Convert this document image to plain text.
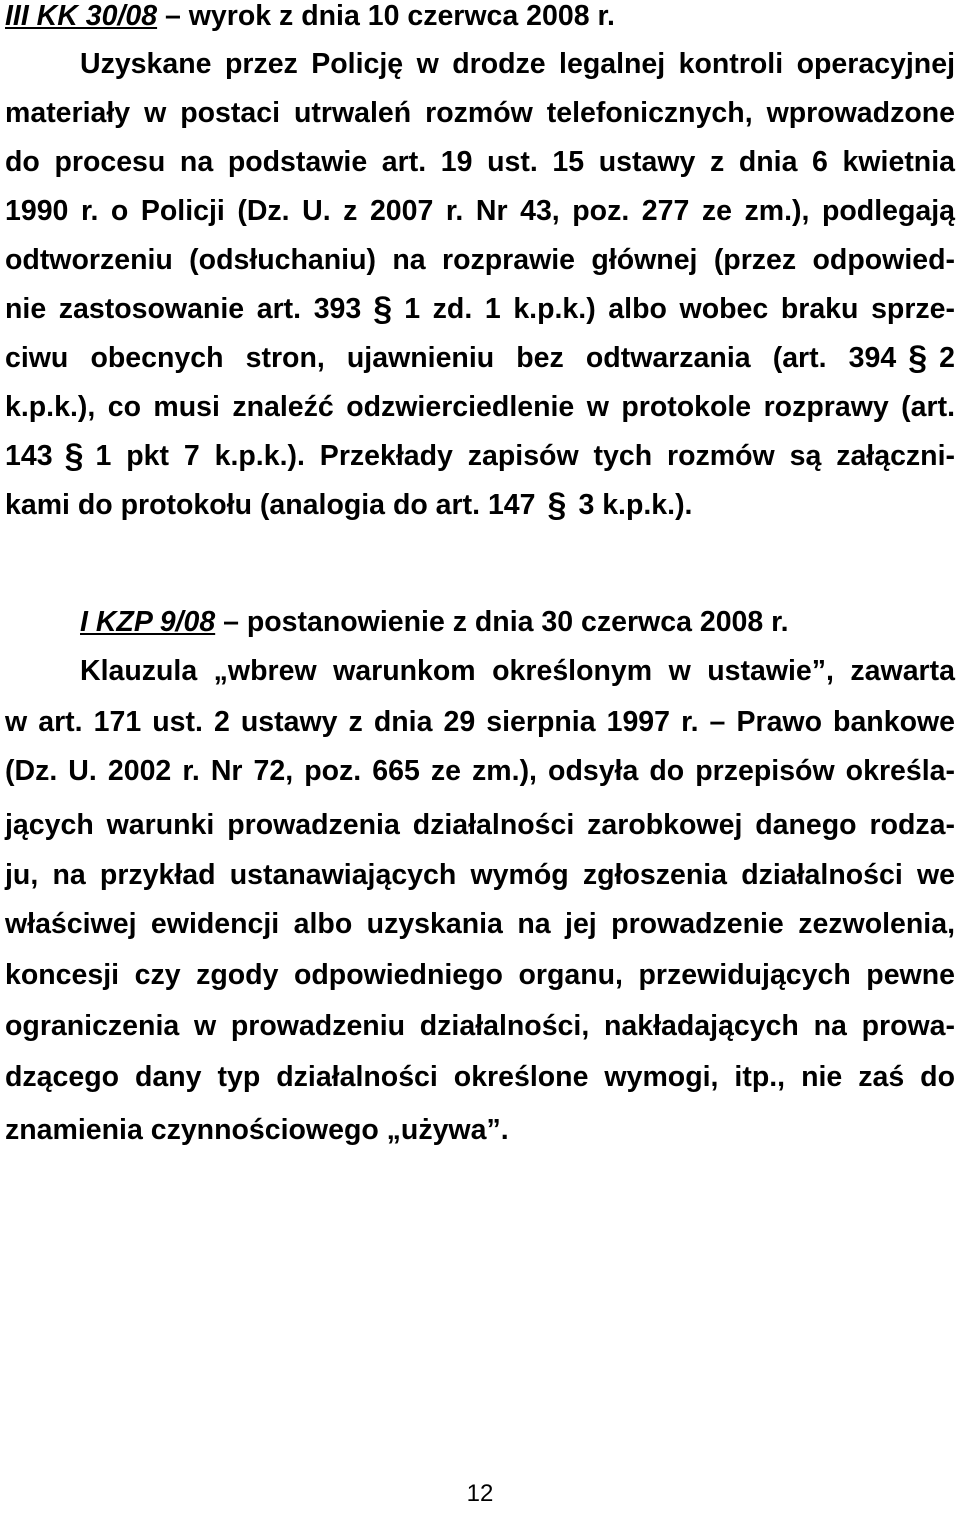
III KK 30/08 – wyrok z dnia 10 czerwca 2008 r.
Uzyskane przez Policję w drodze legalnej kontroli operacyjnej
materiały w postaci utrwaleń rozmów telefonicznych, wprowadzone
do procesu na podstawie art. 19 ust. 15 ustawy z dnia 6 kwietnia
1990 r. o Policji (Dz. U. z 2007 r. Nr 43, poz. 277 ze zm.), podlegają
odtworzeniu (odsłuchaniu) na rozprawie głównej (przez odpowied-
nie zastosowanie art. 393 § 1 zd. 1 k.p.k.) albo wobec braku sprze-
ciwu obecnych stron, ujawnieniu bez odtwarzania (art. 394 § 2
k.p.k.), co musi znaleźć odzwierciedlenie w protokole rozprawy (art.
143 § 1 pkt 7 k.p.k.). Przekłady zapisów tych rozmów są załączni-
kami do protokołu (analogia do art. 147 § 3 k.p.k.).
I KZP 9/08 – postanowienie z dnia 30 czerwca 2008 r.
Klauzula „wbrew warunkom określonym w ustawie”, zawarta
w art. 171 ust. 2 ustawy z dnia 29 sierpnia 1997 r. – Prawo bankowe
(Dz. U. 2002 r. Nr 72, poz. 665 ze zm.), odsyła do przepisów określa-
jących warunki prowadzenia działalności zarobkowej danego rodza-
ju, na przykład ustanawiających wymóg zgłoszenia działalności we
właściwej ewidencji albo uzyskania na jej prowadzenie zezwolenia,
koncesji czy zgody odpowiedniego organu, przewidujących pewne
ograniczenia w prowadzeniu działalności, nakładających na prowa-
dzącego dany typ działalności określone wymogi, itp., nie zaś do
znamienia czynnościowego „używa”.
12
